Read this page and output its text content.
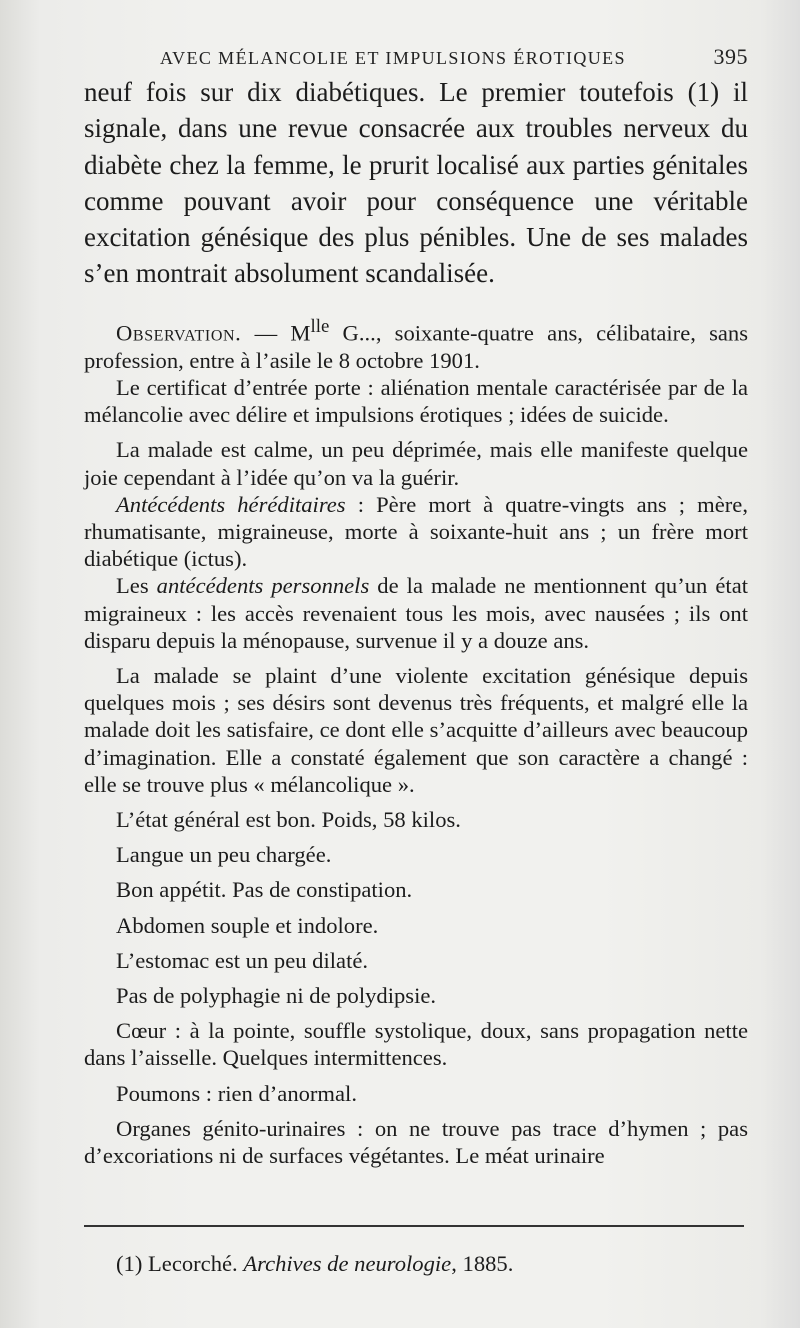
AVEC MÉLANCOLIE ET IMPULSIONS ÉROTIQUES	395

neuf fois sur dix diabétiques. Le premier toutefois (1) il signale, dans une revue consacrée aux troubles nerveux du diabète chez la femme, le prurit localisé aux parties génitales comme pouvant avoir pour conséquence une véritable excitation génésique des plus pénibles. Une de ses malades s’en montrait absolument scandalisée.

Observation. — $M^{lle}$ G..., soixante-quatre ans, célibataire, sans profession, entre à l’asile le 8 octobre 1901.

Le certificat d’entrée porte : aliénation mentale caractérisée par de la mélancolie avec délire et impulsions érotiques ; idées de suicide.

La malade est calme, un peu déprimée, mais elle manifeste quelque joie cependant à l’idée qu’on va la guérir.

Antécédents héréditaires : Père mort à quatre-vingts ans ; mère, rhumatisante, migraineuse, morte à soixante-huit ans ; un frère mort diabétique (ictus).

Les antécédents personnels de la malade ne mentionnent qu’un état migraineux : les accès revenaient tous les mois, avec nausées ; ils ont disparu depuis la ménopause, survenue il y a douze ans.

La malade se plaint d’une violente excitation génésique depuis quelques mois ; ses désirs sont devenus très fréquents, et malgré elle la malade doit les satisfaire, ce dont elle s’acquitte d’ailleurs avec beaucoup d’imagination. Elle a constaté également que son caractère a changé : elle se trouve plus « mélancolique ».

L’état général est bon. Poids, 58 kilos.

Langue un peu chargée.

Bon appétit. Pas de constipation.

Abdomen souple et indolore.

L’estomac est un peu dilaté.

Pas de polyphagie ni de polydipsie.

Cœur : à la pointe, souffle systolique, doux, sans propagation nette dans l’aisselle. Quelques intermittences.

Poumons : rien d’anormal.

Organes génito-urinaires : on ne trouve pas trace d’hymen ; pas d’excoriations ni de surfaces végétantes. Le méat urinaire

(1) Lecorché. Archives de neurologie, 1885.
